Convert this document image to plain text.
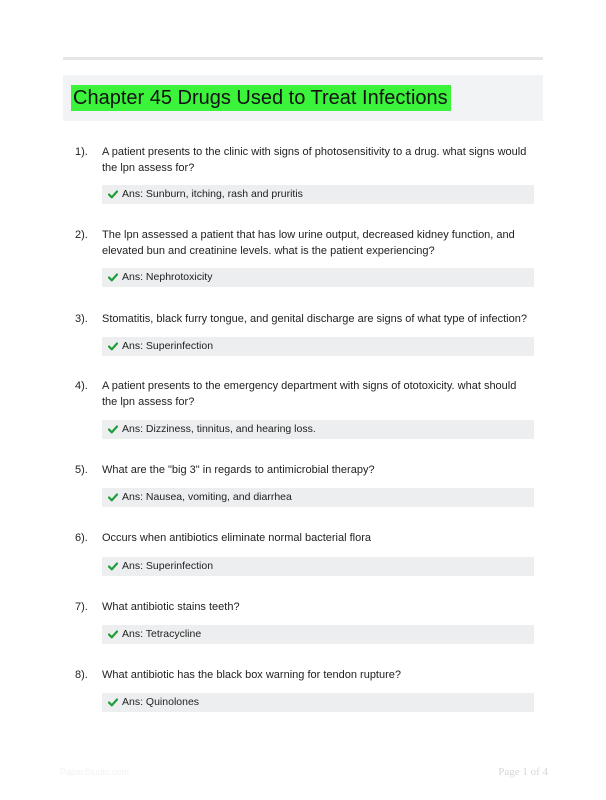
Chapter 45 Drugs Used to Treat Infections
1).	A patient presents to the clinic with signs of photosensitivity to a drug. what signs would the lpn assess for?
Ans: Sunburn, itching, rash and pruritis
2).	The lpn assessed a patient that has low urine output, decreased kidney function, and elevated bun and creatinine levels. what is the patient experiencing?
Ans: Nephrotoxicity
3).	Stomatitis, black furry tongue, and genital discharge are signs of what type of infection?
Ans: Superinfection
4).	A patient presents to the emergency department with signs of ototoxicity. what should the lpn assess for?
Ans: Dizziness, tinnitus, and hearing loss.
5).	What are the "big 3" in regards to antimicrobial therapy?
Ans: Nausea, vomiting, and diarrhea
6).	Occurs when antibiotics eliminate normal bacterial flora
Ans: Superinfection
7).	What antibiotic stains teeth?
Ans: Tetracycline
8).	What antibiotic has the black box warning for tendon rupture?
Ans: Quinolones
PaperStudio.com	Page 1 of 4
